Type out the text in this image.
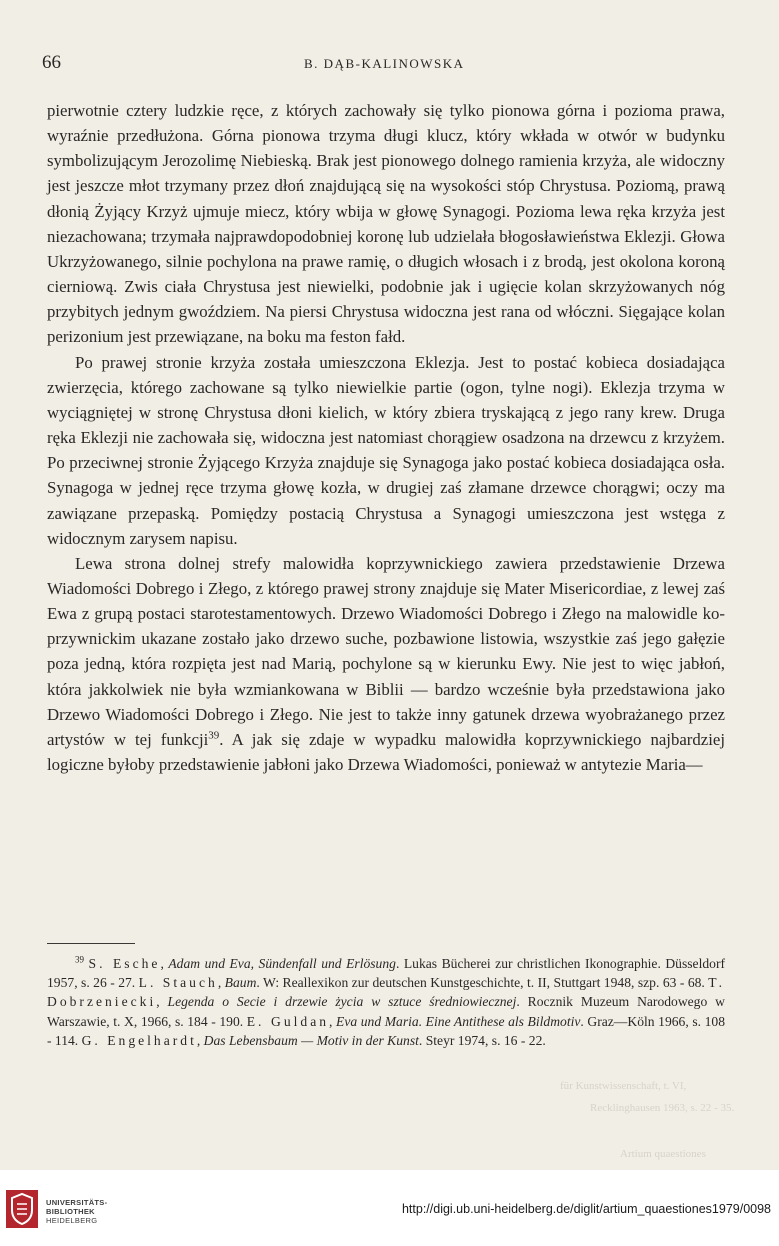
für Kunstwissenschaft, t. VI,
Recklinghausen 1963, s. 22 - 35.
Artium quaestiones
66	B. DĄB-KALINOWSKA

pierwotnie cztery ludzkie ręce, z których zachowały się tylko pionowa górna i pozioma prawa, wyraźnie przedłużona. Górna pionowa trzyma długi klucz, który wkłada w otwór w budynku symbolizującym Jerozolimę Niebieską. Brak jest pionowego dolnego ramienia krzyża, ale widoczny jest jeszcze młot trzymany przez dłoń znajdującą się na wysokości stóp Chrystusa. Poziomą, prawą dłonią Żyjący Krzyż ujmuje miecz, który wbija w głowę Synagogi. Pozioma lewa ręka krzyża jest niezachowana; trzymała najprawdopodobniej koronę lub udzielała błogosławieństwa Eklezji. Głowa Ukrzyżowanego, silnie pochylona na prawe ramię, o długich włosach i z brodą, jest okolona koroną cierniową. Zwis ciała Chrystusa jest niewielki, podobnie jak i ugięcie kolan skrzyżowanych nóg przybitych jednym gwoździem. Na piersi Chrystusa widoczna jest rana od włóczni. Sięgające kolan perizonium jest przewiązane, na boku ma feston fałd.

Po prawej stronie krzyża została umieszczona Eklezja. Jest to postać kobieca dosiadająca zwierzęcia, którego zachowane są tylko niewielkie partie (ogon, tylne nogi). Eklezja trzyma w wyciągniętej w stronę Chrystusa dłoni kielich, w który zbiera tryskającą z jego rany krew. Druga ręka Eklezji nie zachowała się, widoczna jest natomiast chorągiew osadzona na drzewcu z krzyżem. Po przeciwnej stronie Żyjącego Krzyża znajduje się Synagoga jako postać kobieca dosiadająca osła. Synagoga w jednej ręce trzyma głowę kozła, w drugiej zaś złamane drzewce chorągwi; oczy ma zawiązane przepaską. Pomiędzy postacią Chrystusa a Synagogi umieszczona jest wstęga z widocznym zarysem napisu.

Lewa strona dolnej strefy malowidła koprzywnickiego zawiera przedstawienie Drzewa Wiadomości Dobrego i Złego, z którego prawej strony znajduje się Mater Misericordiae, z lewej zaś Ewa z grupą postaci starotestamentowych. Drzewo Wiadomości Dobrego i Złego na malowidle koprzywnickim ukazane zostało jako drzewo suche, pozbawione listowia, wszystkie zaś jego gałęzie poza jedną, która rozpięta jest nad Marią, pochylone są w kierunku Ewy. Nie jest to więc jabłoń, która jakkolwiek nie była wzmiankowana w Biblii — bardzo wcześnie była przedstawiona jako Drzewo Wiadomości Dobrego i Złego. Nie jest to także inny gatunek drzewa wyobrażanego przez artystów w tej funkcji$^{39}$. A jak się zdaje w wypadku malowidła koprzywnickiego najbardziej logiczne byłoby przedstawienie jabłoni jako Drzewa Wiadomości, ponieważ w antytezie Maria—

$^{39}$ S. Esche, Adam und Eva, Sündenfall und Erlösung. Lukas Bücherei zur christlichen Ikonographie. Düsseldorf 1957, s. 26 - 27. L. Stauch, Baum. W: Reallexikon zur deutschen Kunstgeschichte, t. II, Stuttgart 1948, szp. 63 - 68. T. Dobrzeniecki, Legenda o Secie i drzewie życia w sztuce średniowiecznej. Rocznik Muzeum Narodowego w Warszawie, t. X, 1966, s. 184 - 190. E. Guldan, Eva und Maria. Eine Antithese als Bildmotiv. Graz—Köln 1966, s. 108 - 114. G. Engelhardt, Das Lebensbaum — Motiv in der Kunst. Steyr 1974, s. 16 - 22.
UNIVERSITÄTS-
BIBLIOTHEK
HEIDELBERG
http://digi.ub.uni-heidelberg.de/diglit/artium_quaestiones1979/0098
